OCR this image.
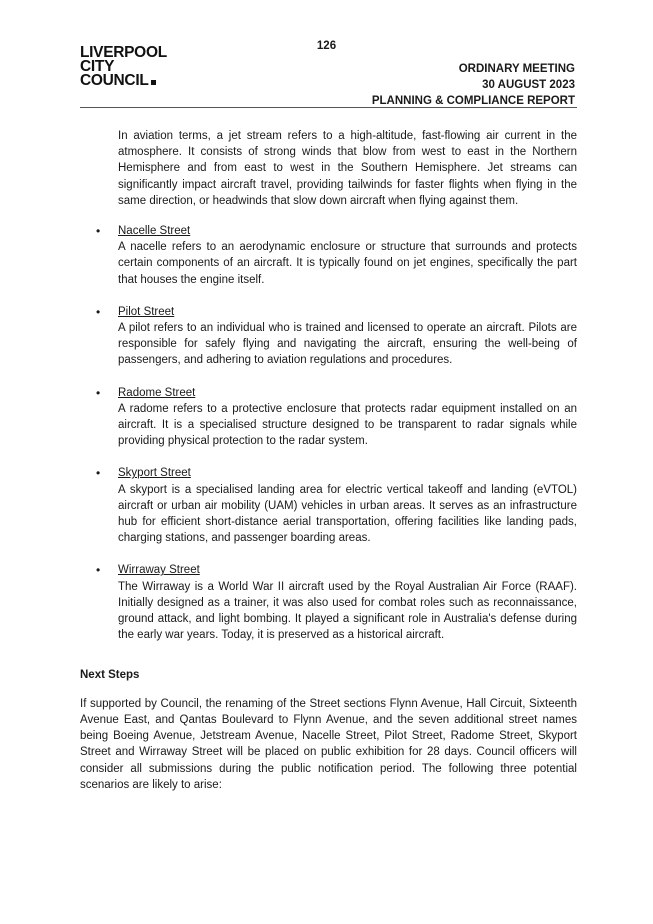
126
LIVERPOOL
CITY
COUNCIL
ORDINARY MEETING
30 AUGUST 2023
PLANNING & COMPLIANCE REPORT

In aviation terms, a jet stream refers to a high-altitude, fast-flowing air current in the atmosphere. It consists of strong winds that blow from west to east in the Northern Hemisphere and from east to west in the Southern Hemisphere. Jet streams can significantly impact aircraft travel, providing tailwinds for faster flights when flying in the same direction, or headwinds that slow down aircraft when flying against them.

• Nacelle Street
A nacelle refers to an aerodynamic enclosure or structure that surrounds and protects certain components of an aircraft. It is typically found on jet engines, specifically the part that houses the engine itself.
• Pilot Street
A pilot refers to an individual who is trained and licensed to operate an aircraft. Pilots are responsible for safely flying and navigating the aircraft, ensuring the well-being of passengers, and adhering to aviation regulations and procedures.
• Radome Street
A radome refers to a protective enclosure that protects radar equipment installed on an aircraft. It is a specialised structure designed to be transparent to radar signals while providing physical protection to the radar system.
• Skyport Street
A skyport is a specialised landing area for electric vertical takeoff and landing (eVTOL) aircraft or urban air mobility (UAM) vehicles in urban areas. It serves as an infrastructure hub for efficient short-distance aerial transportation, offering facilities like landing pads, charging stations, and passenger boarding areas.
• Wirraway Street
The Wirraway is a World War II aircraft used by the Royal Australian Air Force (RAAF). Initially designed as a trainer, it was also used for combat roles such as reconnaissance, ground attack, and light bombing. It played a significant role in Australia's defense during the early war years. Today, it is preserved as a historical aircraft.
Next Steps

If supported by Council, the renaming of the Street sections Flynn Avenue, Hall Circuit, Sixteenth Avenue East, and Qantas Boulevard to Flynn Avenue, and the seven additional street names being Boeing Avenue, Jetstream Avenue, Nacelle Street, Pilot Street, Radome Street, Skyport Street and Wirraway Street will be placed on public exhibition for 28 days. Council officers will consider all submissions during the public notification period. The following three potential scenarios are likely to arise:
